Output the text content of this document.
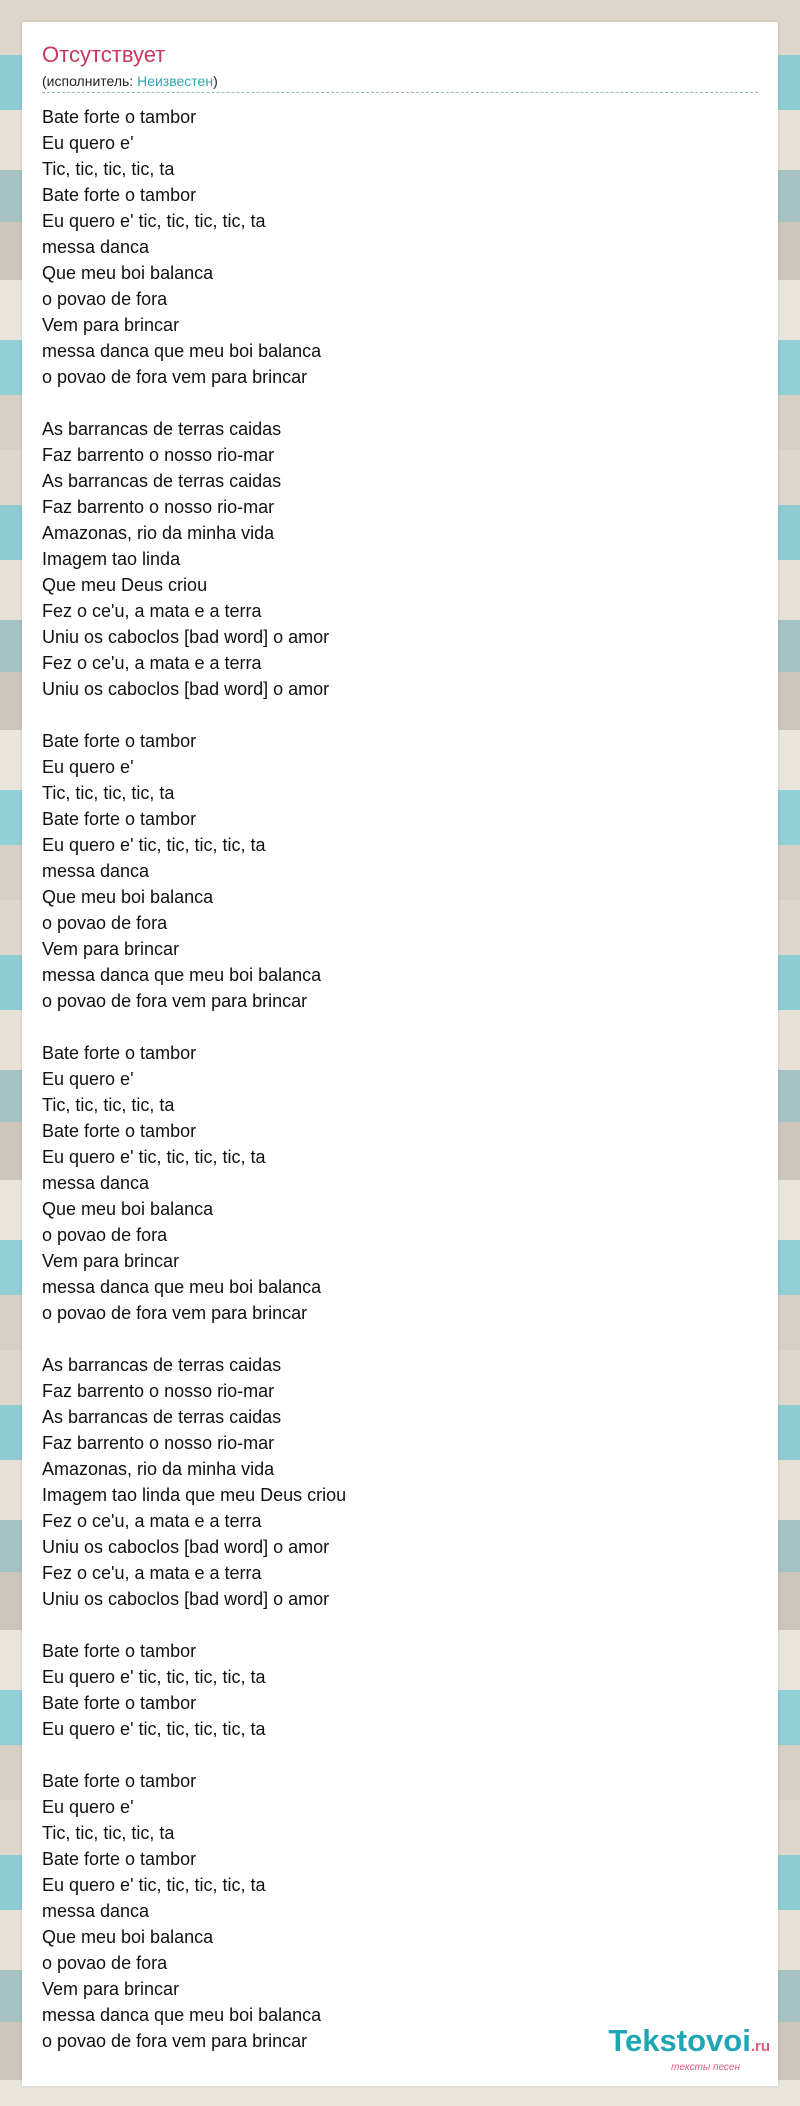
Отсутствует
(исполнитель: Неизвестен)
Bate forte o tambor
Eu quero e'
Tic, tic, tic, tic, ta
Bate forte o tambor
Eu quero e' tic, tic, tic, tic, ta
messa danca
Que meu boi balanca
o povao de fora
Vem para brincar
messa danca que meu boi balanca
o povao de fora vem para brincar
As barrancas de terras caidas
Faz barrento o nosso rio-mar
As barrancas de terras caidas
Faz barrento o nosso rio-mar
Amazonas, rio da minha vida
Imagem tao linda
Que meu Deus criou
Fez o ce'u, a mata e a terra
Uniu os caboclos [bad word] o amor
Fez o ce'u, a mata e a terra
Uniu os caboclos [bad word] o amor
Bate forte o tambor
Eu quero e'
Tic, tic, tic, tic, ta
Bate forte o tambor
Eu quero e' tic, tic, tic, tic, ta
messa danca
Que meu boi balanca
o povao de fora
Vem para brincar
messa danca que meu boi balanca
o povao de fora vem para brincar
Bate forte o tambor
Eu quero e'
Tic, tic, tic, tic, ta
Bate forte o tambor
Eu quero e' tic, tic, tic, tic, ta
messa danca
Que meu boi balanca
o povao de fora
Vem para brincar
messa danca que meu boi balanca
o povao de fora vem para brincar
As barrancas de terras caidas
Faz barrento o nosso rio-mar
As barrancas de terras caidas
Faz barrento o nosso rio-mar
Amazonas, rio da minha vida
Imagem tao linda que meu Deus criou
Fez o ce'u, a mata e a terra
Uniu os caboclos [bad word] o amor
Fez o ce'u, a mata e a terra
Uniu os caboclos [bad word] o amor
Bate forte o tambor
Eu quero e' tic, tic, tic, tic, ta
Bate forte o tambor
Eu quero e' tic, tic, tic, tic, ta
Bate forte o tambor
Eu quero e'
Tic, tic, tic, tic, ta
Bate forte o tambor
Eu quero e' tic, tic, tic, tic, ta
messa danca
Que meu boi balanca
o povao de fora
Vem para brincar
messa danca que meu boi balanca
o povao de fora vem para brincar	Tekstovoi.ru
тексты песен
